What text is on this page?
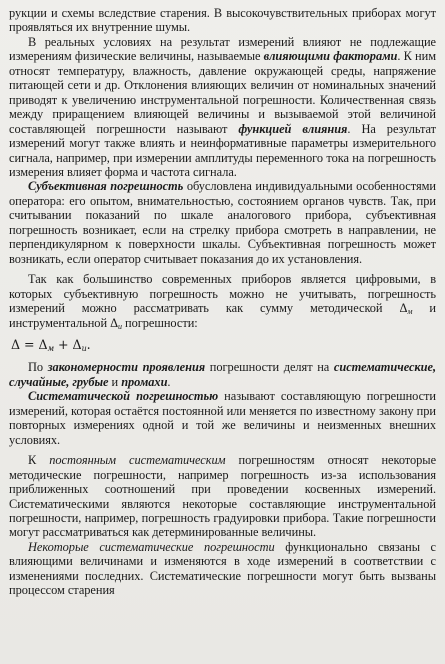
рукции и схемы вследствие старения. В высокочувствительных приборах могут проявляться их внутренние шумы.

В реальных условиях на результат измерений влияют не подлежащие измерениям физические величины, называемые влияющими факторами. К ним относят температуру, влажность, давление окружающей среды, напряжение питающей сети и др. Отклонения влияющих величин от номинальных значений приводят к увеличению инструментальной погрешности. Количественная связь между приращением влияющей величины и вызываемой этой величиной составляющей погрешности называют функцией влияния. На результат измерений могут также влиять и неинформативные параметры измерительного сигнала, например, при измерении амплитуды переменного тока на погрешность измерения влияет форма и частота сигнала.

Субъективная погрешность обусловлена индивидуальными особенностями оператора: его опытом, внимательностью, состоянием органов чувств. Так, при считывании показаний по шкале аналогового прибора, субъективная погрешность возникает, если на стрелку прибора смотреть в направлении, не перпендикулярном к поверхности шкалы. Субъективная погрешность может возникать, если оператор считывает показания до их установления.

Так как большинство современных приборов является цифровыми, в которых субъективную погрешность можно не учитывать, погрешность измерений можно рассматривать как сумму методической $\Delta_м$ и инструментальной $\Delta_и$ погрешности:

$\Delta = \Delta_м + \Delta_и$.

По закономерности проявления погрешности делят на систематические, случайные, грубые и промахи.

Систематической погрешностью называют составляющую погрешности измерений, которая остаётся постоянной или меняется по известному закону при повторных измерениях одной и той же величины и неизменных внешних условиях.

К постоянным систематическим погрешностям относят некоторые методические погрешности, например погрешность из-за использования приближенных соотношений при проведении косвенных измерений. Систематическими являются некоторые составляющие инструментальной погрешности, например, погрешность градуировки прибора. Такие погрешности могут рассматриваться как детерминированные величины.

Некоторые систематические погрешности функционально связаны с влияющими величинами и изменяются в ходе измерений в соответствии с изменениями последних. Систематические погрешности могут быть вызваны процессом старения
